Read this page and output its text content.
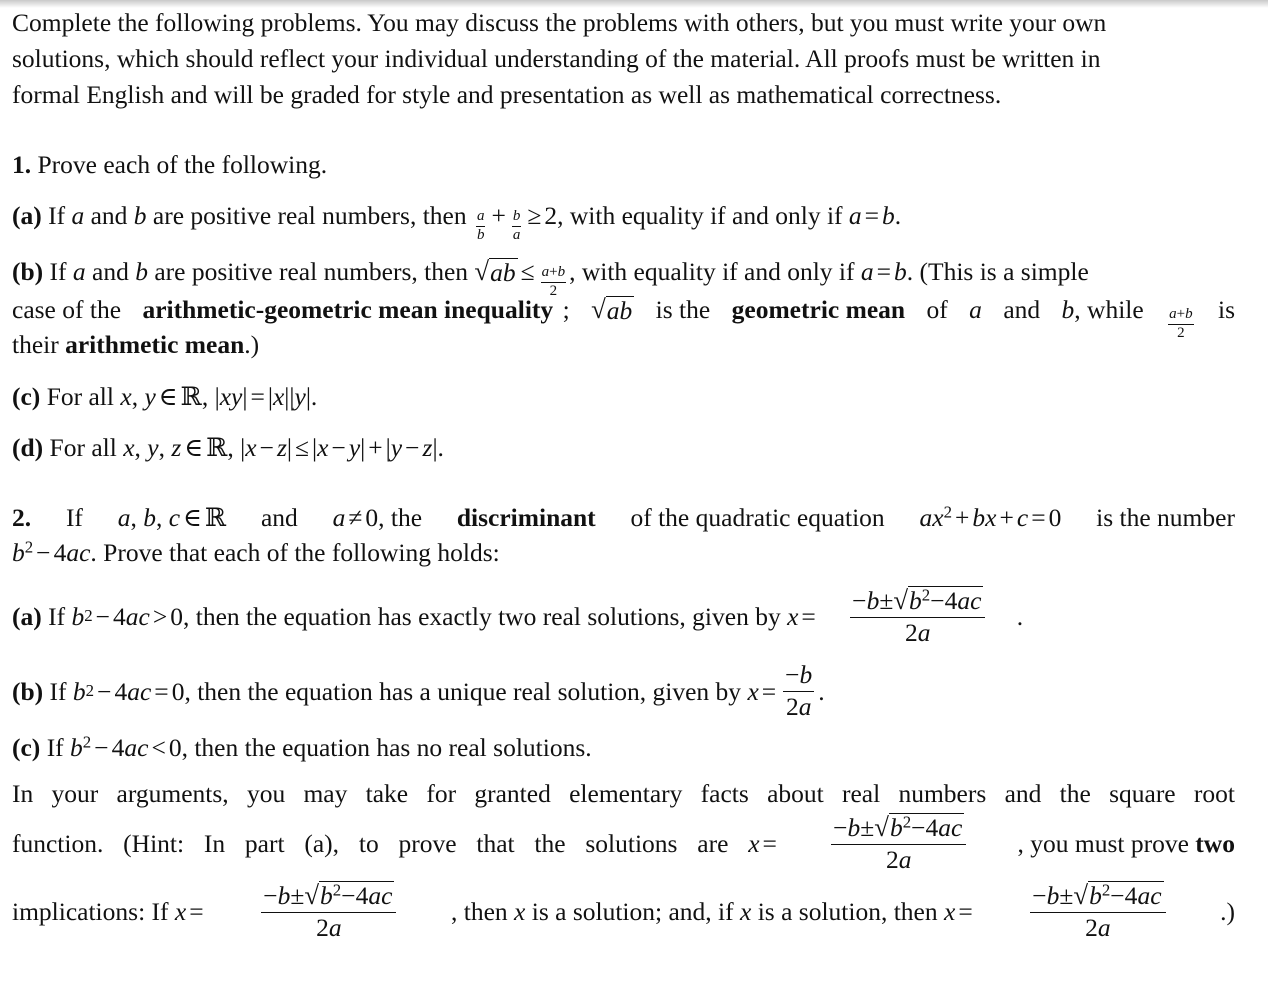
Complete the following problems. You may discuss the problems with others, but you must write your own
solutions, which should reflect your individual understanding of the material. All proofs must be written in
formal English and will be graded for style and presentation as well as mathematical correctness.
1. Prove each of the following.
(a) If a and b are positive real numbers, then $\frac{a}{b} + \frac{b}{a} \ge 2$, with equality if and only if a = b.
(b) If a and b are positive real numbers, then √ ab ≤ $\frac{a+b}{2}$ , with equality if and only if a = b. (This is a simple
case of the arithmetic-geometric mean inequality ; √ ab is the geometric mean of a and b, while $\frac{a+b}{2}$ is
their arithmetic mean.)
(c) For all x, y ∈ ℝ, |xy| = |x||y|.
(d) For all x, y, z ∈ ℝ, |x − z| ≤ |x − y| + |y − z|.
2. If a, b, c ∈ ℝ and a ≠ 0, the discriminant of the quadratic equation $ax^2$ + bx + c = 0 is the number
$b^2 - 4ac$. Prove that each of the following holds:
(a)
If
b 2 − 4 ac > 0 , then the equation has exactly two real solutions, given by
$x = \frac{-b\pm √ b^2-4ac}{2a}$ .
(b)
If
b 2 − 4 ac = 0 , then the equation has a unique real solution, given by
$x = \frac{-b}{2a}$ .
(c) If $b^2 - 4ac < 0$, then the equation has no real solutions.
In your arguments, you may take for granted elementary facts about real numbers and the square root
function. (Hint: In part (a), to prove that the solutions are $x = \frac{-b\pm √ b^2-4ac}{2a}$ , you must prove two
implications: If $x = \frac{-b\pm √ b^2-4ac}{2a}$ , then x is a solution; and, if x is a solution, then $x = \frac{-b\pm √ b^2-4ac}{2a}$ .)
